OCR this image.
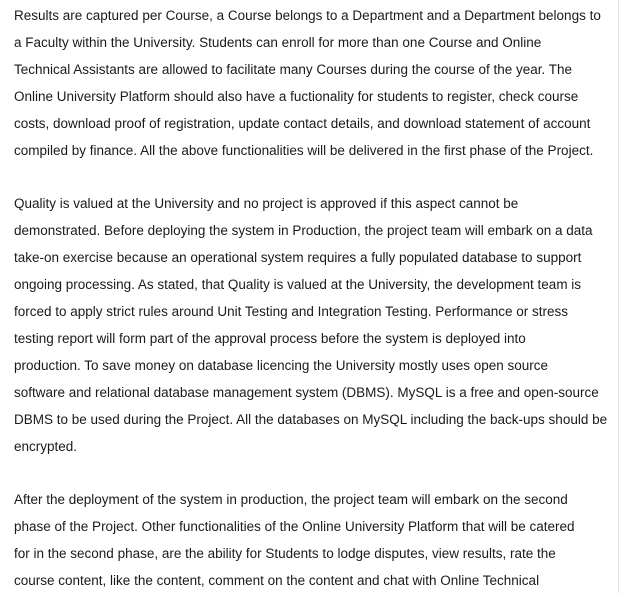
Results are captured per Course, a Course belongs to a Department and a Department belongs to
a Faculty within the University. Students can enroll for more than one Course and Online
Technical Assistants are allowed to facilitate many Courses during the course of the year. The
Online University Platform should also have a fuctionality for students to register, check course
costs, download proof of registration, update contact details, and download statement of account
compiled by finance. All the above functionalities will be delivered in the first phase of the Project.
Quality is valued at the University and no project is approved if this aspect cannot be
demonstrated. Before deploying the system in Production, the project team will embark on a data
take-on exercise because an operational system requires a fully populated database to support
ongoing processing. As stated, that Quality is valued at the University, the development team is
forced to apply strict rules around Unit Testing and Integration Testing. Performance or stress
testing report will form part of the approval process before the system is deployed into
production. To save money on database licencing the University mostly uses open source
software and relational database management system (DBMS). MySQL is a free and open-source
DBMS to be used during the Project. All the databases on MySQL including the back-ups should be
encrypted.
After the deployment of the system in production, the project team will embark on the second
phase of the Project. Other functionalities of the Online University Platform that will be catered
for in the second phase, are the ability for Students to lodge disputes, view results, rate the
course content, like the content, comment on the content and chat with Online Technical
